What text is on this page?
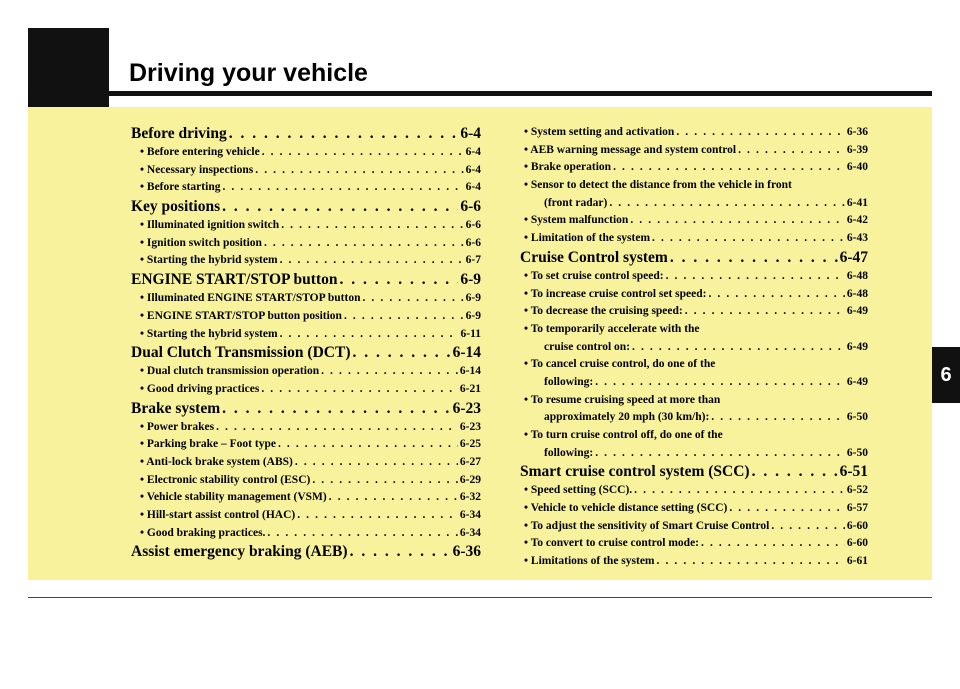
Driving your vehicle
6
Before driving . . .	6-4
• Before entering vehicle . . .	6-4
• Necessary inspections . . .	6-4
• Before starting . . .	6-4
Key positions . . .	6-6
• Illuminated ignition switch . . .	6-6
• Ignition switch position . . .	6-6
• Starting the hybrid system . . .	6-7
ENGINE START/STOP button . . .	6-9
• Illuminated ENGINE START/STOP button . . .	6-9
• ENGINE START/STOP button position . . .	6-9
• Starting the hybrid system . . .	6-11
Dual Clutch Transmission (DCT) . . .	6-14
• Dual clutch transmission operation . . .	6-14
• Good driving practices . . .	6-21
Brake system . . .	6-23
• Power brakes . . .	6-23
• Parking brake – Foot type . . .	6-25
• Anti-lock brake system (ABS) . . .	6-27
• Electronic stability control (ESC) . . .	6-29
• Vehicle stability management (VSM) . . .	6-32
• Hill-start assist control (HAC) . . .	6-34
• Good braking practices. . . .	6-34
Assist emergency braking (AEB) . . .	6-36
• System setting and activation . . .	6-36
• AEB warning message and system control . . .	6-39
• Brake operation . . .	6-40
• Sensor to detect the distance from the vehicle in front
(front radar) . . .	6-41
• System malfunction . . .	6-42
• Limitation of the system . . .	6-43
Cruise Control system . . .	6-47
• To set cruise control speed: . . .	6-48
• To increase cruise control set speed: . . .	6-48
• To decrease the cruising speed: . . .	6-49
• To temporarily accelerate with the
cruise control on: . . .	6-49
• To cancel cruise control, do one of the
following: . . .	6-49
• To resume cruising speed at more than
approximately 20 mph (30 km/h): . . .	6-50
• To turn cruise control off, do one of the
following: . . .	6-50
Smart cruise control system (SCC) . . .	6-51
• Speed setting (SCC). . . .	6-52
• Vehicle to vehicle distance setting (SCC) . . .	6-57
• To adjust the sensitivity of Smart Cruise Control . . .	6-60
• To convert to cruise control mode: . . .	6-60
• Limitations of the system . . .	6-61
